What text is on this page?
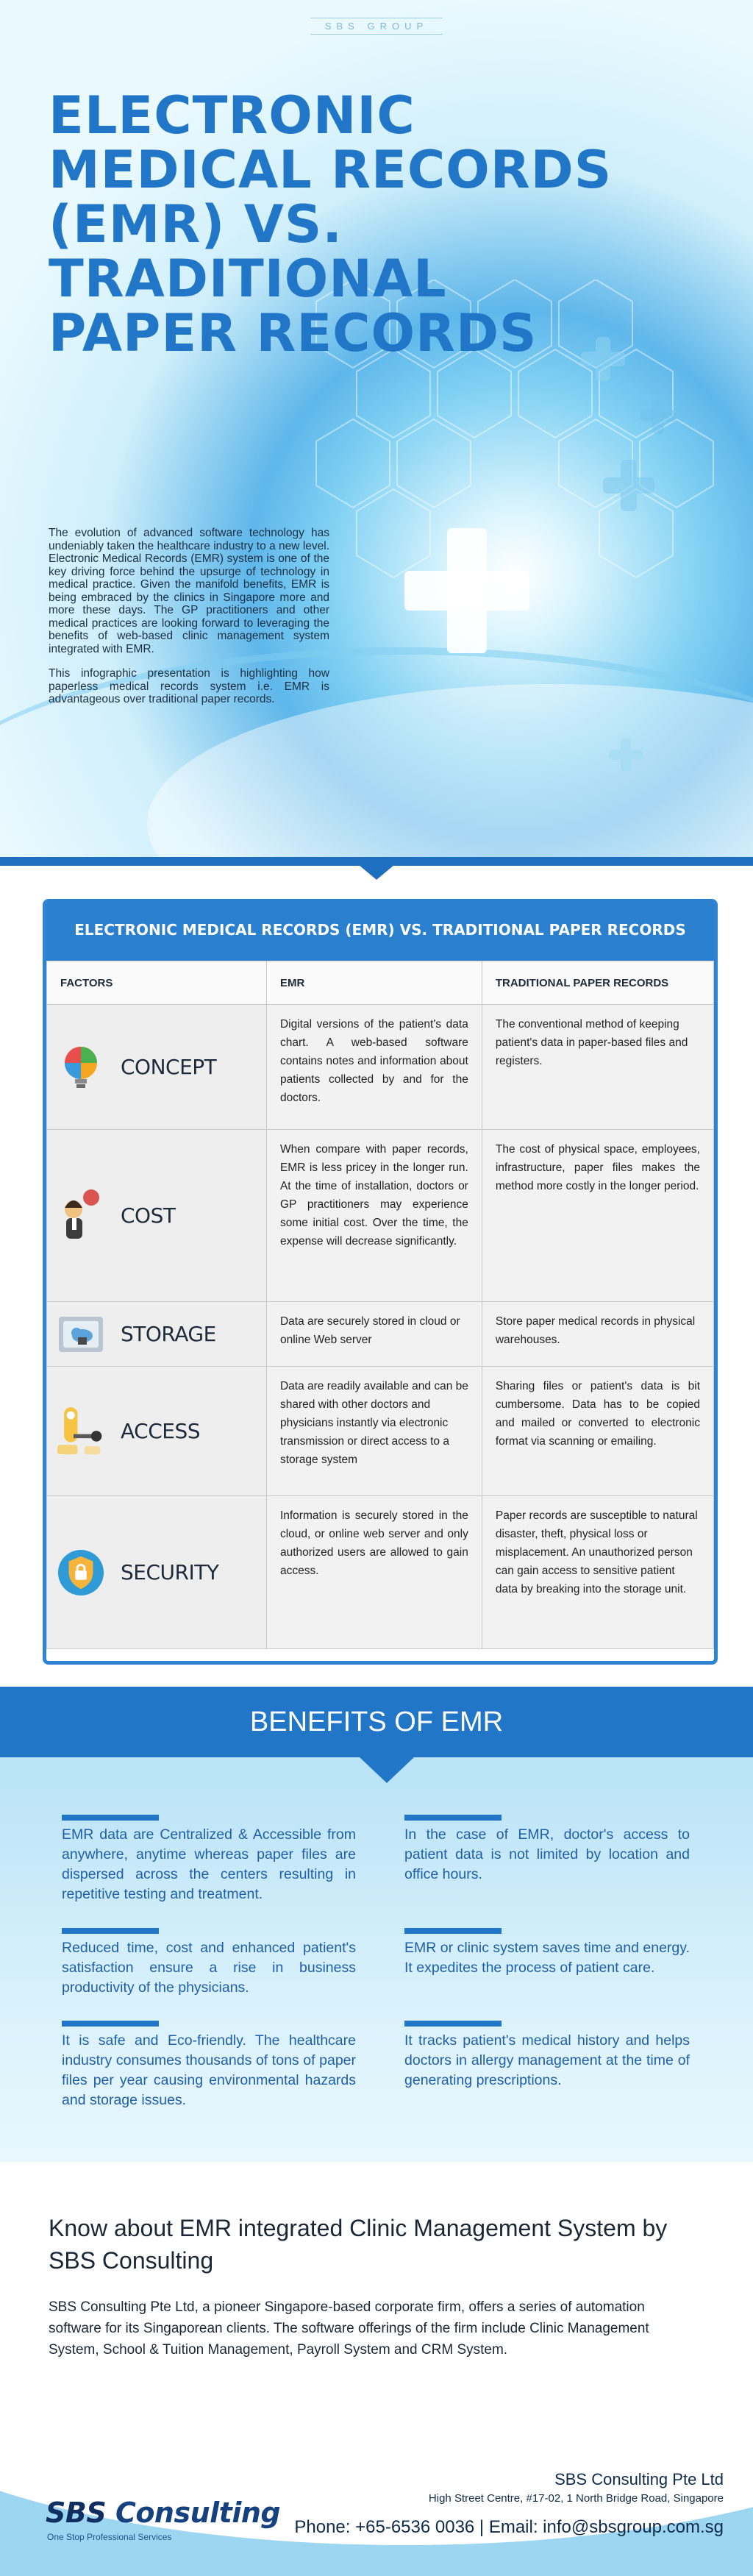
SBS GROUP
ELECTRONIC MEDICAL RECORDS (EMR) VS. TRADITIONAL PAPER RECORDS

The evolution of advanced software technology has undeniably taken the healthcare industry to a new level. Electronic Medical Records (EMR) system is one of the key driving force behind the upsurge of technology in medical practice. Given the manifold benefits, EMR is being embraced by the clinics in Singapore more and more these days. The GP practitioners and other medical practices are looking forward to leveraging the benefits of web-based clinic management system integrated with EMR.

This infographic presentation is highlighting how paperless medical records system i.e. EMR is advantageous over traditional paper records.

ELECTRONIC MEDICAL RECORDS (EMR) VS. TRADITIONAL PAPER RECORDS
FACTORS	EMR	TRADITIONAL PAPER RECORDS

CONCEPT	Digital versions of the patient's data chart. A web-based software contains notes and information about patients collected by and for the doctors.	The conventional method of keeping patient's data in paper-based files and registers.

COST	When compare with paper records, EMR is less pricey in the longer run. At the time of installation, doctors or GP practitioners may experience some initial cost. Over the time, the expense will decrease significantly.	The cost of physical space, employees, infrastructure, paper files makes the method more costly in the longer period.

STORAGE	Data are securely stored in cloud or online Web server	Store paper medical records in physical warehouses.

ACCESS	Data are readily available and can be shared with other doctors and physicians instantly via electronic transmission or direct access to a storage system	Sharing files or patient's data is bit cumbersome. Data has to be copied and mailed or converted to electronic format via scanning or emailing.

SECURITY	Information is securely stored in the cloud, or online web server and only authorized users are allowed to gain access.	Paper records are susceptible to natural disaster, theft, physical loss or misplacement. An unauthorized person can gain access to sensitive patient data by breaking into the storage unit.
BENEFITS OF EMR

EMR data are Centralized & Accessible from anywhere, anytime whereas paper files are dispersed across the centers resulting in repetitive testing and treatment.

In the case of EMR, doctor's access to patient data is not limited by location and office hours.

Reduced time, cost and enhanced patient's satisfaction ensure a rise in business productivity of the physicians.

EMR or clinic system saves time and energy. It expedites the process of patient care.

It is safe and Eco-friendly. The healthcare industry consumes thousands of tons of paper files per year causing environmental hazards and storage issues.

It tracks patient's medical history and helps doctors in allergy management at the time of generating prescriptions.

Know about EMR integrated Clinic Management System by SBS Consulting

SBS Consulting Pte Ltd, a pioneer Singapore-based corporate firm, offers a series of automation software for its Singaporean clients. The software offerings of the firm include Clinic Management System, School & Tuition Management, Payroll System and CRM System.

SBS Consulting
One Stop Professional Services
SBS Consulting Pte Ltd
High Street Centre, #17-02, 1 North Bridge Road, Singapore
Phone: +65-6536 0036 | Email: info@sbsgroup.com.sg
